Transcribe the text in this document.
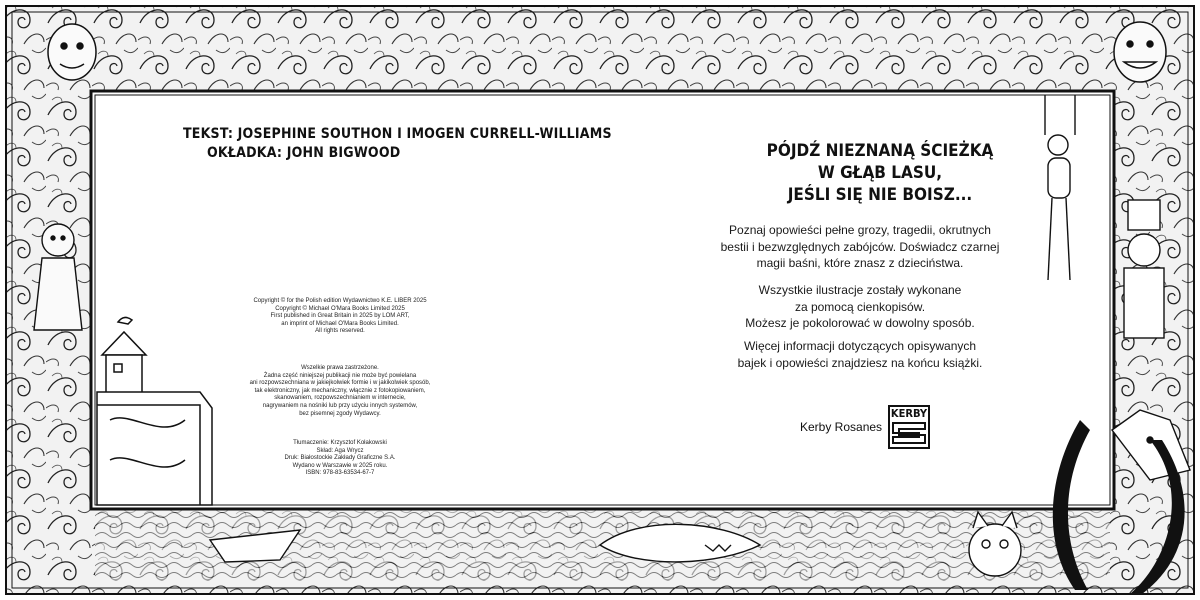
TEKST: JOSEPHINE SOUTHON I IMOGEN CURRELL-WILLIAMS
OKŁADKA: JOHN BIGWOOD
Copyright © for the Polish edition Wydawnictwo K.E. LIBER 2025
Copyright © Michael O'Mara Books Limited 2025
First published in Great Britain in 2025 by LOM ART,
an imprint of Michael O'Mara Books Limited.
All rights reserved.
Wszelkie prawa zastrzeżone.
Żadna część niniejszej publikacji nie może być powielana
ani rozpowszechniana w jakiejkolwiek formie i w jakikolwiek sposób,
tak elektroniczny, jak mechaniczny, włącznie z fotokopiowaniem,
skanowaniem, rozpowszechnianiem w internecie,
nagrywaniem na nośniki lub przy użyciu innych systemów,
bez pisemnej zgody Wydawcy.
Tłumaczenie: Krzysztof Kołakowski
Skład: Aga Wrycz
Druk: Białostockie Zakłady Graficzne S.A.
Wydano w Warszawie w 2025 roku.
ISBN: 978-83-63534-67-7
PÓJDŹ NIEZNANĄ ŚCIEŻKĄ
W GŁĄB LASU,
JEŚLI SIĘ NIE BOISZ...
Poznaj opowieści pełne grozy, tragedii, okrutnych
bestii i bezwzględnych zabójców. Doświadcz czarnej
magii baśni, które znasz z dzieciństwa.
Wszystkie ilustracje zostały wykonane
za pomocą cienkopisów.
Możesz je pokolorować w dowolny sposób.
Więcej informacji dotyczących opisywanych
bajek i opowieści znajdziesz na końcu książki.
Kerby Rosanes
KERBY
